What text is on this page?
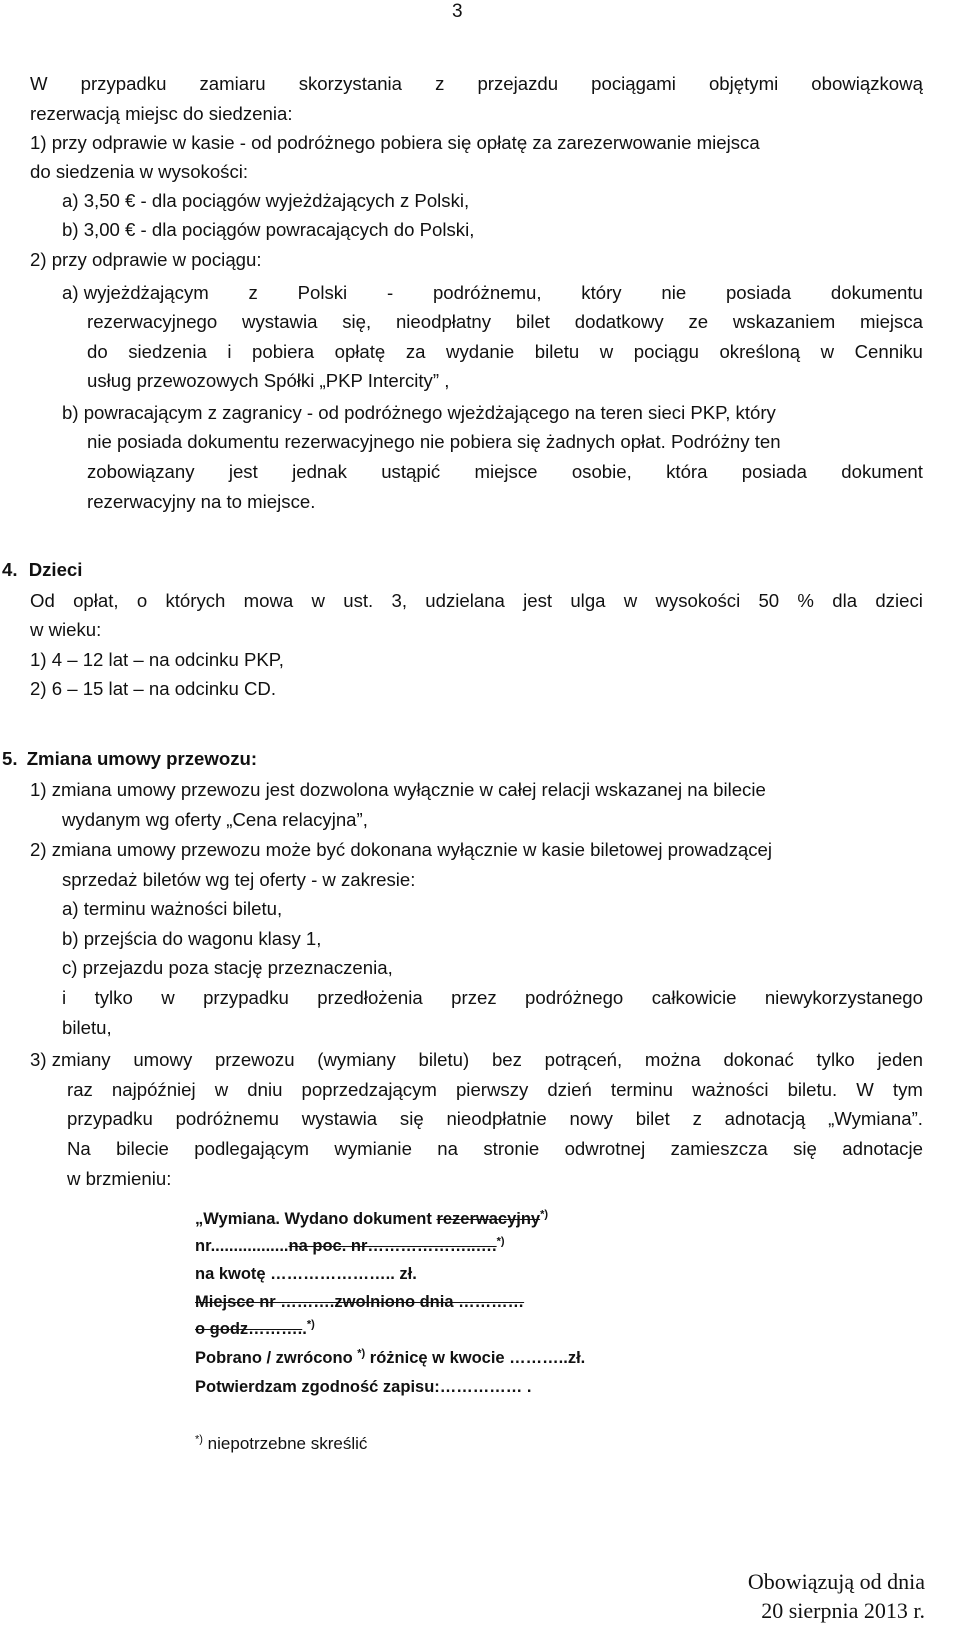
3
W przypadku zamiaru skorzystania z przejazdu pociągami objętymi obowiązkową
rezerwacją miejsc do siedzenia:
1) przy odprawie w kasie - od podróżnego pobiera się opłatę za zarezerwowanie miejsca
do siedzenia w wysokości:
a) 3,50 € - dla pociągów wyjeżdżających z Polski,
b) 3,00 € - dla pociągów powracających do Polski,
2) przy odprawie w pociągu:
a) wyjeżdżającym z Polski - podróżnemu, który nie posiada dokumentu
rezerwacyjnego wystawia się, nieodpłatny bilet dodatkowy ze wskazaniem miejsca
do siedzenia i pobiera opłatę za wydanie biletu w pociągu określoną w Cenniku
usług przewozowych Spółki „PKP Intercity” ,
b) powracającym z zagranicy - od podróżnego wjeżdżającego na teren sieci PKP, który
nie posiada dokumentu rezerwacyjnego nie pobiera się żadnych opłat. Podróżny ten
zobowiązany jest jednak ustąpić miejsce osobie, która posiada dokument
rezerwacyjny na to miejsce.
4. Dzieci
Od opłat, o których mowa w ust. 3, udzielana jest ulga w wysokości 50 % dla dzieci
w wieku:
1) 4 – 12 lat – na odcinku PKP,
2) 6 – 15 lat – na odcinku CD.
5. Zmiana umowy przewozu:
1) zmiana umowy przewozu jest dozwolona wyłącznie w całej relacji wskazanej na bilecie
wydanym wg oferty „Cena relacyjna”,
2) zmiana umowy przewozu może być dokonana wyłącznie w kasie biletowej prowadzącej
sprzedaż biletów wg tej oferty - w zakresie:
a) terminu ważności biletu,
b) przejścia do wagonu klasy 1,
c) przejazdu poza stację przeznaczenia,
i tylko w przypadku przedłożenia przez podróżnego całkowicie niewykorzystanego
biletu,
3) zmiany umowy przewozu (wymiany biletu) bez potrąceń, można dokonać tylko jeden
raz najpóźniej w dniu poprzedzającym pierwszy dzień terminu ważności biletu. W tym
przypadku podróżnemu wystawia się nieodpłatnie nowy bilet z adnotacją „Wymiana”.
Na bilecie podlegającym wymianie na stronie odwrotnej zamieszcza się adnotacje
w brzmieniu:
„Wymiana. Wydano dokument rezerwacyjny*)
nr.................na poc. nr………………..….*)
na kwotę ………………….. zł.
Miejsce nr ……….zwolniono dnia …………
o godz………..*)
Pobrano / zwrócono *) różnicę w kwocie ………..zł.
Potwierdzam zgodność zapisu:…………… .
*) niepotrzebne skreślić
Obowiązują od dnia
20 sierpnia 2013 r.
